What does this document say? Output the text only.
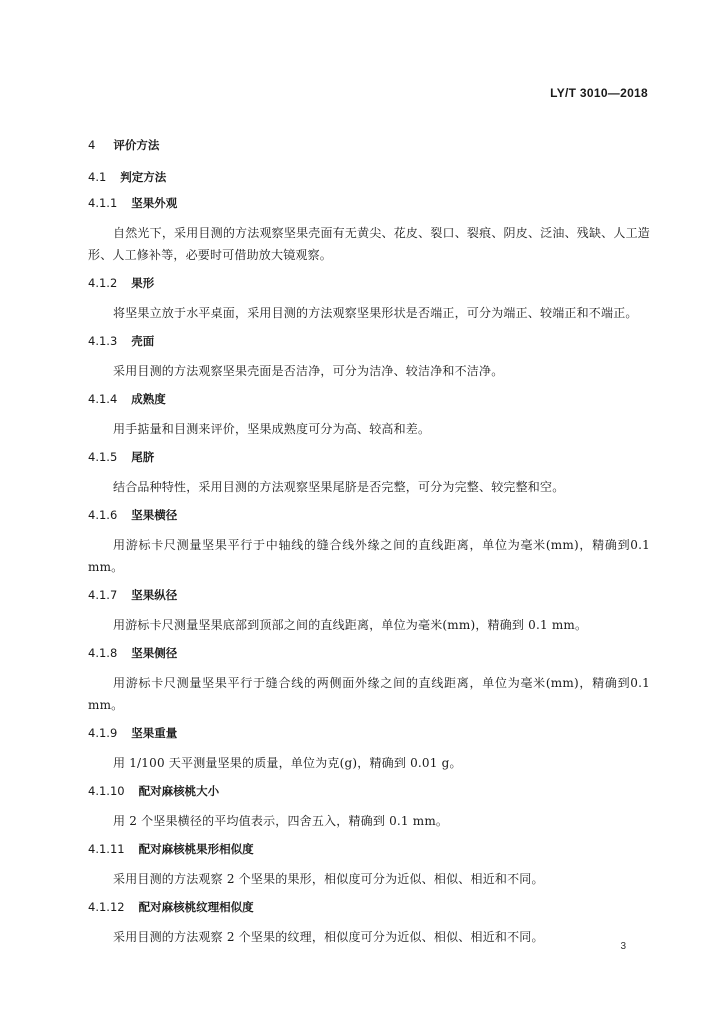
LY/T 3010—2018
4 评价方法
4.1 判定方法
4.1.1 坚果外观

自然光下，采用目测的方法观察坚果壳面有无黄尖、花皮、裂口、裂痕、阴皮、泛油、残缺、人工造形、人工修补等，必要时可借助放大镜观察。

4.1.2 果形

将坚果立放于水平桌面，采用目测的方法观察坚果形状是否端正，可分为端正、较端正和不端正。

4.1.3 壳面

采用目测的方法观察坚果壳面是否洁净，可分为洁净、较洁净和不洁净。

4.1.4 成熟度

用手掂量和目测来评价，坚果成熟度可分为高、较高和差。

4.1.5 尾脐

结合品种特性，采用目测的方法观察坚果尾脐是否完整，可分为完整、较完整和空。

4.1.6 坚果横径

用游标卡尺测量坚果平行于中轴线的缝合线外缘之间的直线距离，单位为毫米(mm)，精确到0.1 mm。

4.1.7 坚果纵径

用游标卡尺测量坚果底部到顶部之间的直线距离，单位为毫米(mm)，精确到 0.1 mm。

4.1.8 坚果侧径

用游标卡尺测量坚果平行于缝合线的两侧面外缘之间的直线距离，单位为毫米(mm)，精确到0.1 mm。

4.1.9 坚果重量

用 1/100 天平测量坚果的质量，单位为克(g)，精确到 0.01 g。

4.1.10 配对麻核桃大小

用 2 个坚果横径的平均值表示，四舍五入，精确到 0.1 mm。

4.1.11 配对麻核桃果形相似度

采用目测的方法观察 2 个坚果的果形，相似度可分为近似、相似、相近和不同。

4.1.12 配对麻核桃纹理相似度

采用目测的方法观察 2 个坚果的纹理，相似度可分为近似、相似、相近和不同。

3
